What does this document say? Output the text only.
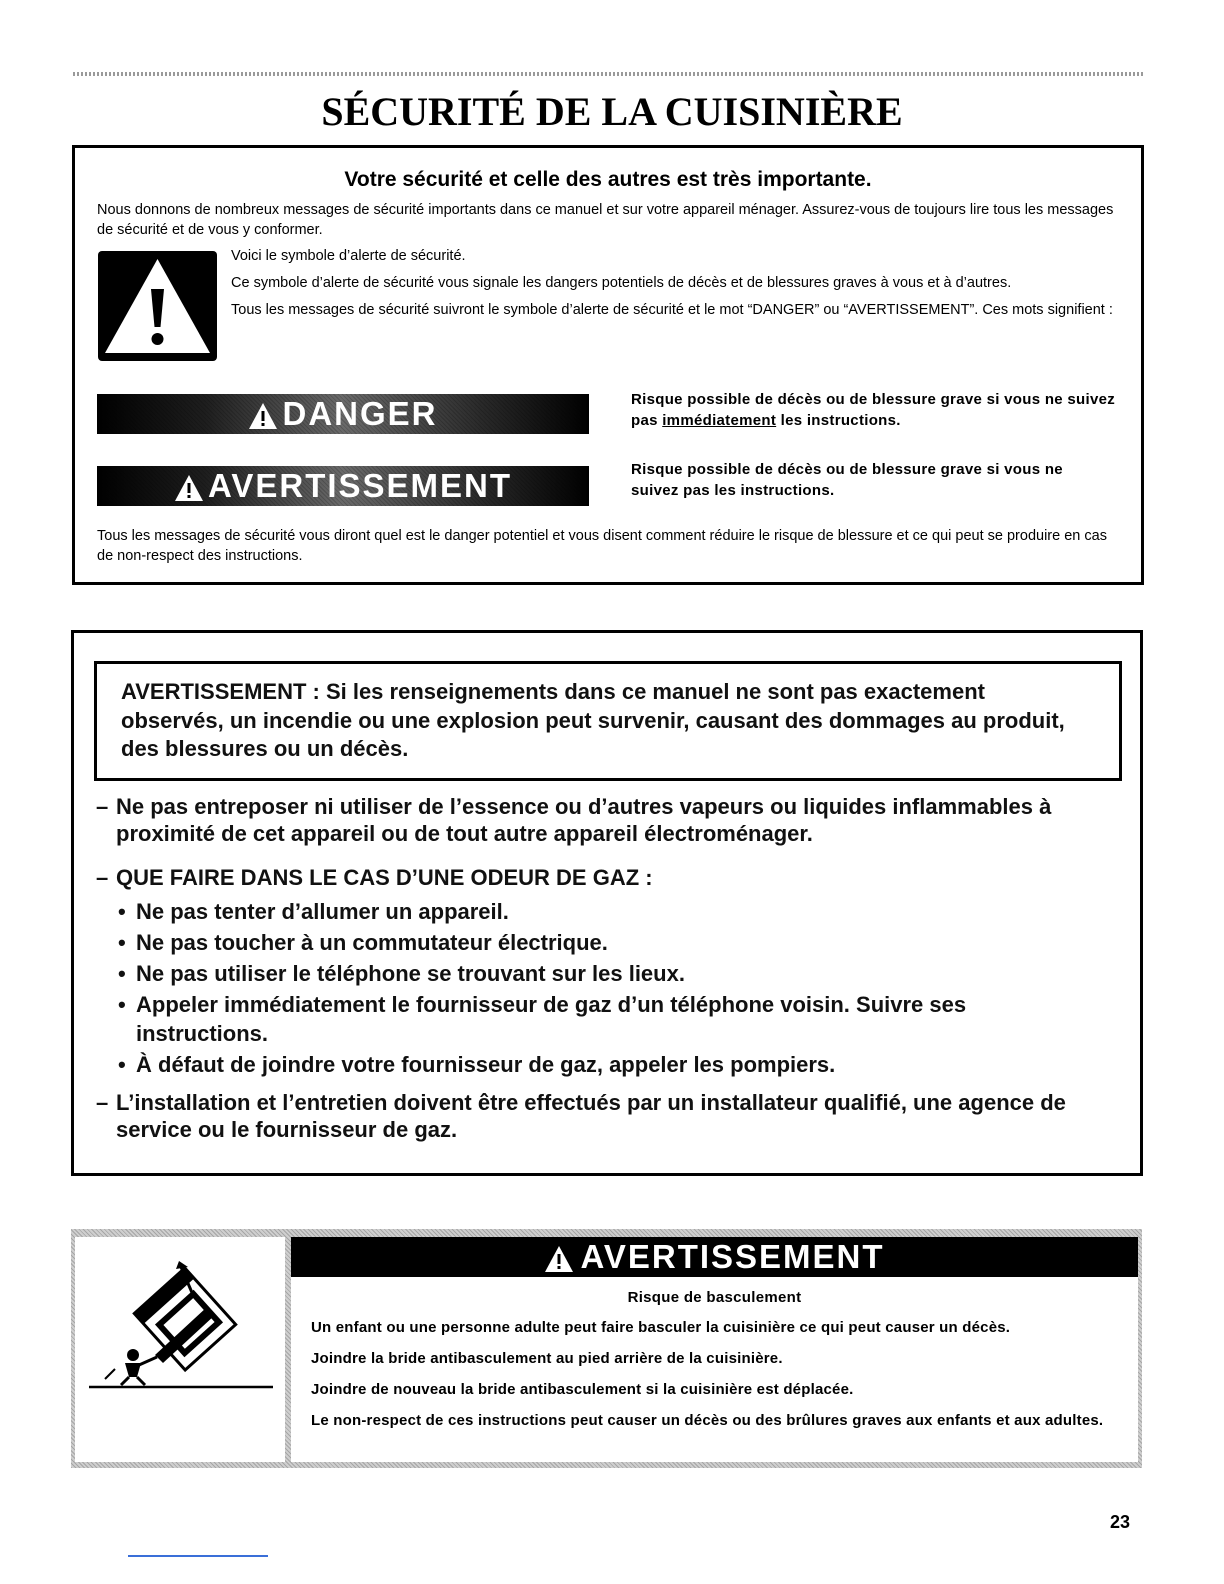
SÉCURITÉ DE LA CUISINIÈRE
Votre sécurité et celle des autres est très importante.
Nous donnons de nombreux messages de sécurité importants dans ce manuel et sur votre appareil ménager. Assurez-vous de toujours lire tous les messages de sécurité et de vous y conformer.

Voici le symbole d’alerte de sécurité.

Ce symbole d’alerte de sécurité vous signale les dangers potentiels de décès et de blessures graves à vous et à d’autres.

Tous les messages de sécurité suivront le symbole d’alerte de sécurité et le mot “DANGER” ou “AVERTISSEMENT”. Ces mots signifient :

DANGER	Risque possible de décès ou de blessure grave si vous ne suivez pas immédiatement les instructions.
AVERTISSEMENT	Risque possible de décès ou de blessure grave si vous ne suivez pas les instructions.
Tous les messages de sécurité vous diront quel est le danger potentiel et vous disent comment réduire le risque de blessure et ce qui peut se produire en cas de non-respect des instructions.
AVERTISSEMENT : Si les renseignements dans ce manuel ne sont pas exactement observés, un incendie ou une explosion peut survenir, causant des dommages au produit, des blessures ou un décès.
– Ne pas entreposer ni utiliser de l’essence ou d’autres vapeurs ou liquides inflammables à proximité de cet appareil ou de tout autre appareil électroménager.
– QUE FAIRE DANS LE CAS D’UNE ODEUR DE GAZ :
• Ne pas tenter d’allumer un appareil.
• Ne pas toucher à un commutateur électrique.
• Ne pas utiliser le téléphone se trouvant sur les lieux.
• Appeler immédiatement le fournisseur de gaz d’un téléphone voisin. Suivre ses instructions.
• À défaut de joindre votre fournisseur de gaz, appeler les pompiers.
– L’installation et l’entretien doivent être effectués par un installateur qualifié, une agence de service ou le fournisseur de gaz.
AVERTISSEMENT
Risque de basculement

Un enfant ou une personne adulte peut faire basculer la cuisinière ce qui peut causer un décès.

Joindre la bride antibasculement au pied arrière de la cuisinière.

Joindre de nouveau la bride antibasculement si la cuisinière est déplacée.

Le non-respect de ces instructions peut causer un décès ou des brûlures graves aux enfants et aux adultes.

23
